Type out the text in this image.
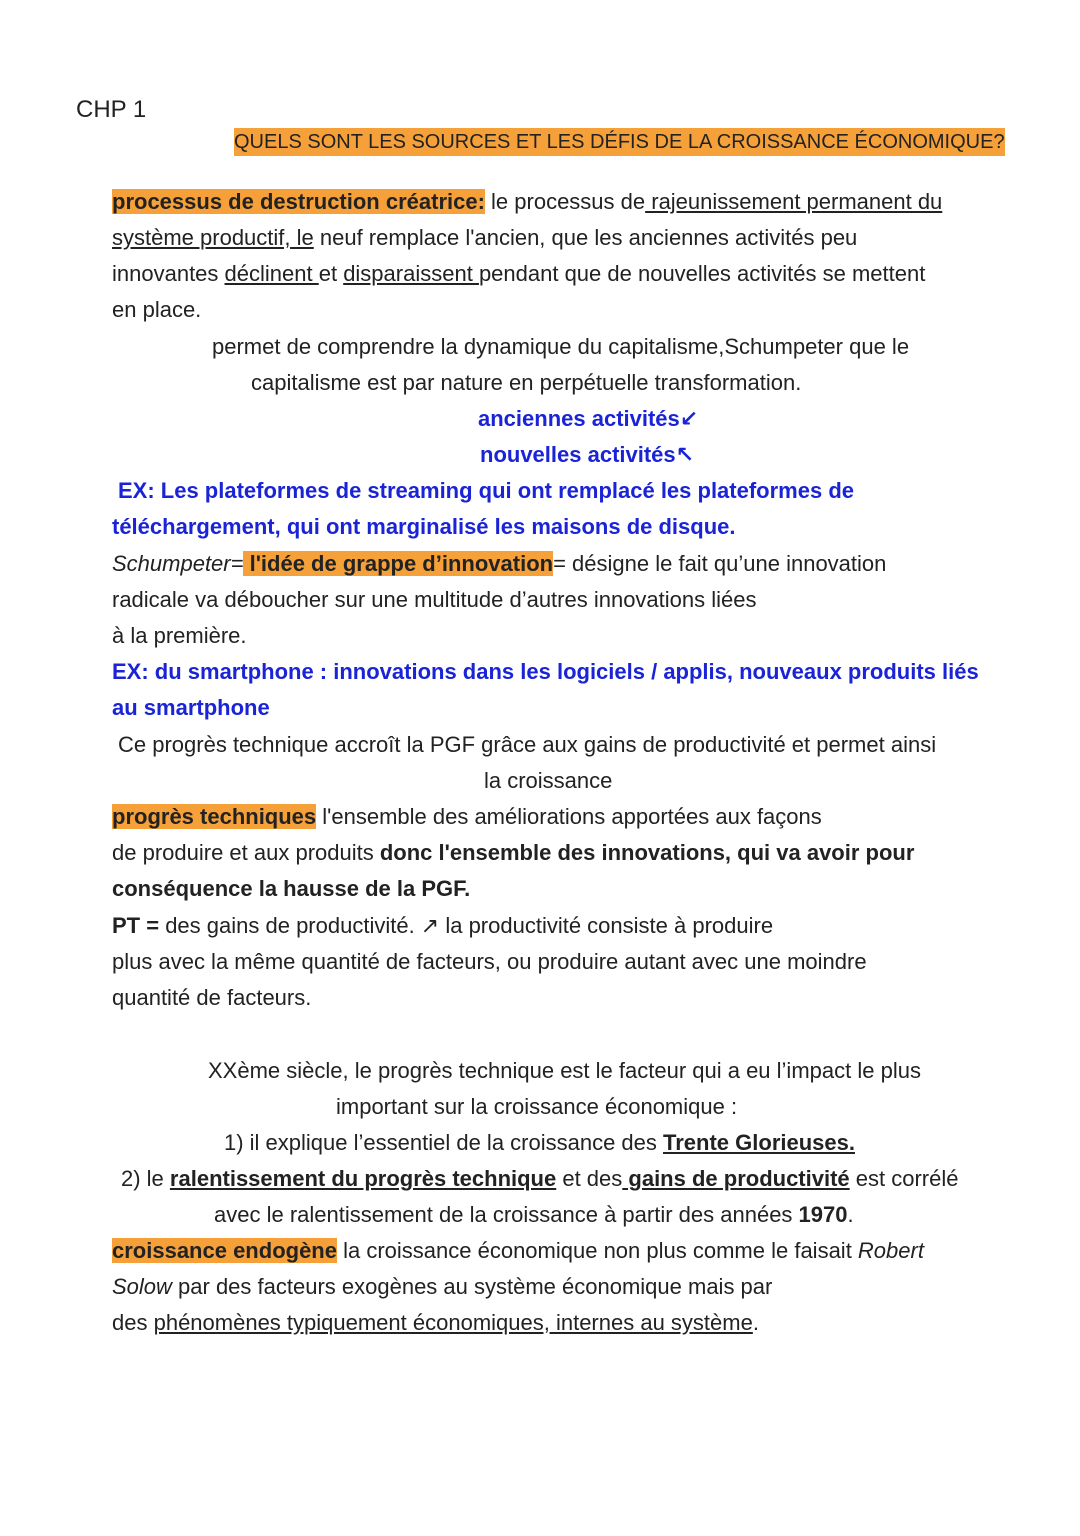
CHP 1
QUELS SONT LES SOURCES ET LES DÉFIS DE LA CROISSANCE ÉCONOMIQUE?
processus de destruction créatrice: le processus de rajeunissement permanent du
système productif, le neuf remplace l'ancien, que les anciennes activités peu
innovantes déclinent et disparaissent pendant que de nouvelles activités se mettent
en place.
permet de comprendre la dynamique du capitalisme,Schumpeter que le
capitalisme est par nature en perpétuelle transformation.
anciennes activités↙
nouvelles activités↖
EX: Les plateformes de streaming qui ont remplacé les plateformes de
téléchargement, qui ont marginalisé les maisons de disque.
Schumpeter= l'idée de grappe d’innovation= désigne le fait qu’une innovation
radicale va déboucher sur une multitude d’autres innovations liées
à la première.
EX: du smartphone : innovations dans les logiciels / applis, nouveaux produits liés
au smartphone
Ce progrès technique accroît la PGF grâce aux gains de productivité et permet ainsi
la croissance
progrès techniques l'ensemble des améliorations apportées aux façons
de produire et aux produits donc l'ensemble des innovations, qui va avoir pour
conséquence la hausse de la PGF.
PT = des gains de productivité. ↗ la productivité consiste à produire
plus avec la même quantité de facteurs, ou produire autant avec une moindre
quantité de facteurs.
XXème siècle, le progrès technique est le facteur qui a eu l’impact le plus
important sur la croissance économique :
1) il explique l’essentiel de la croissance des Trente Glorieuses.
2) le ralentissement du progrès technique et des gains de productivité est corrélé
avec le ralentissement de la croissance à partir des années 1970.
croissance endogène la croissance économique non plus comme le faisait Robert
Solow par des facteurs exogènes au système économique mais par
des phénomènes typiquement économiques, internes au système.
